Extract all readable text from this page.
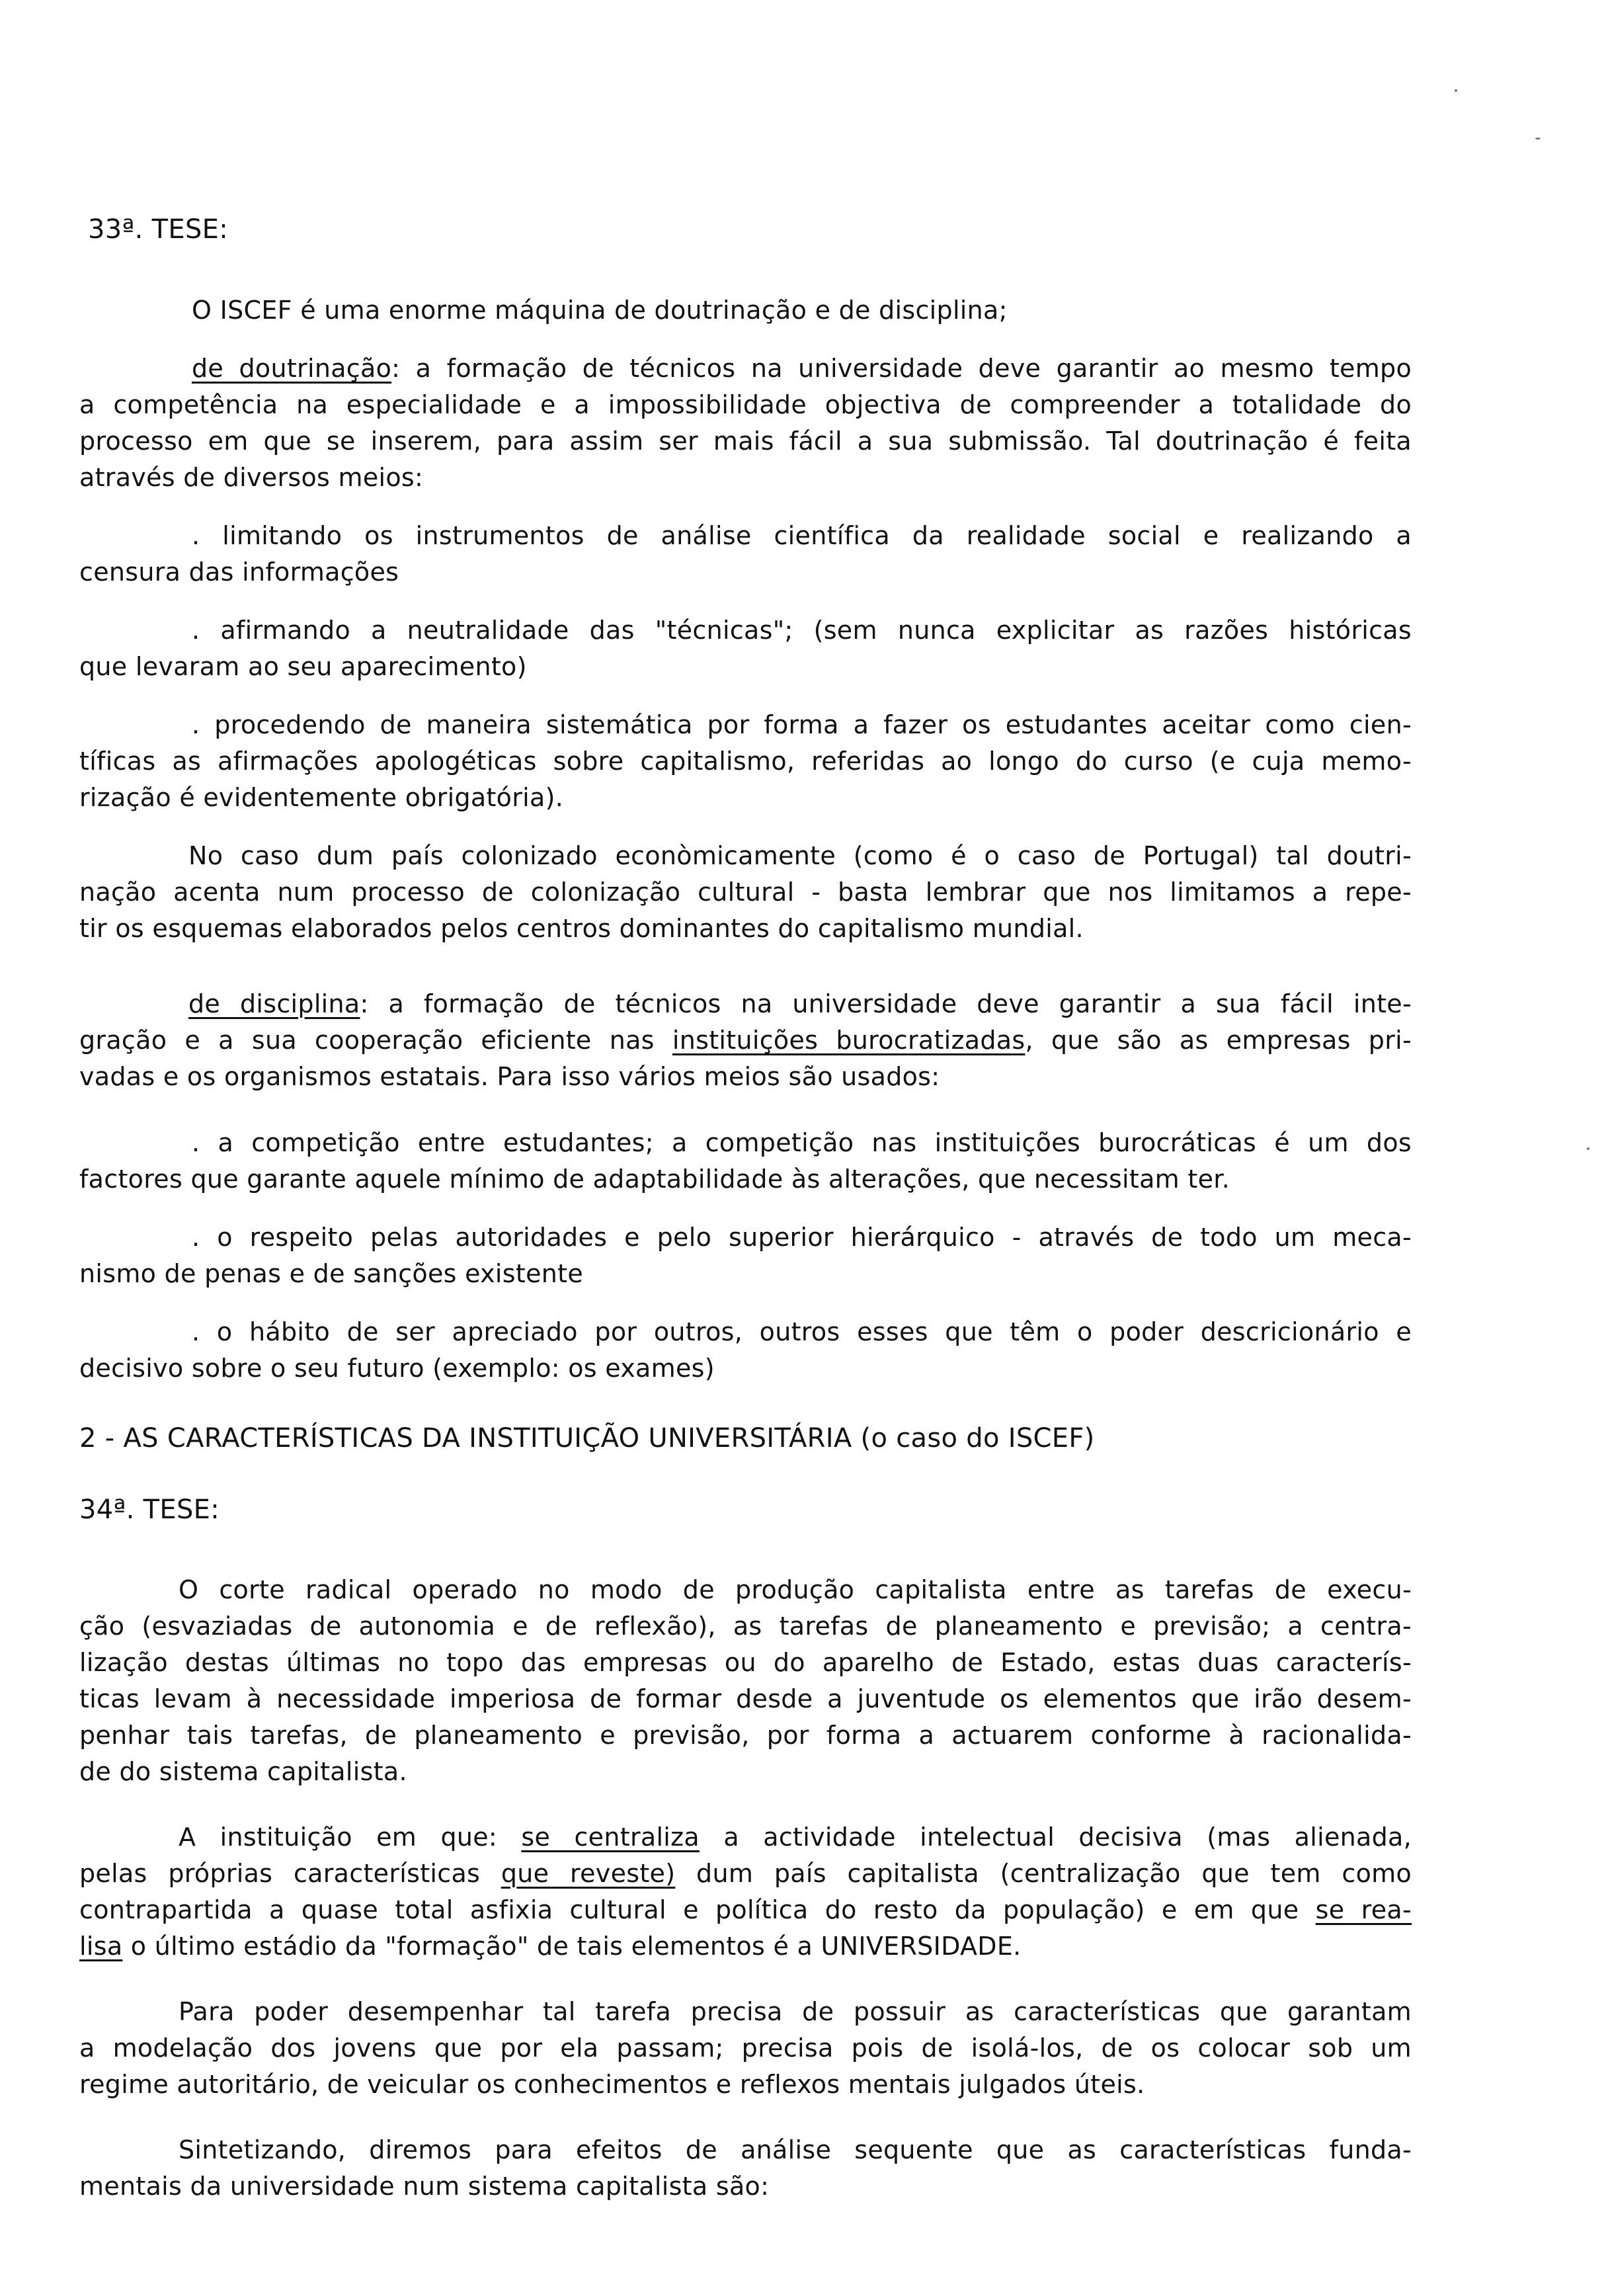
33ª. TESE:
O ISCEF é uma enorme máquina de doutrinação e de disciplina;
de doutrinação: a formação de técnicos na universidade deve garantir ao mesmo tempo
a competência na especialidade e a impossibilidade objectiva de compreender a totalidade do
processo em que se inserem, para assim ser mais fácil a sua submissão. Tal doutrinação é feita
através de diversos meios:
. limitando os instrumentos de análise científica da realidade social e realizando a
censura das informações
. afirmando a neutralidade das "técnicas"; (sem nunca explicitar as razões históricas
que levaram ao seu aparecimento)
. procedendo de maneira sistemática por forma a fazer os estudantes aceitar como cien-
tíficas as afirmações apologéticas sobre capitalismo, referidas ao longo do curso (e cuja memo-
rização é evidentemente obrigatória).
No caso dum país colonizado econòmicamente (como é o caso de Portugal) tal doutri-
nação acenta num processo de colonização cultural - basta lembrar que nos limitamos a repe-
tir os esquemas elaborados pelos centros dominantes do capitalismo mundial.
de disciplina: a formação de técnicos na universidade deve garantir a sua fácil inte-
gração e a sua cooperação eficiente nas instituições burocratizadas, que são as empresas pri-
vadas e os organismos estatais. Para isso vários meios são usados:
. a competição entre estudantes; a competição nas instituições burocráticas é um dos
factores que garante aquele mínimo de adaptabilidade às alterações, que necessitam ter.
. o respeito pelas autoridades e pelo superior hierárquico - através de todo um meca-
nismo de penas e de sanções existente
. o hábito de ser apreciado por outros, outros esses que têm o poder descricionário e
decisivo sobre o seu futuro (exemplo: os exames)
2 - AS CARACTERÍSTICAS DA INSTITUIÇÃO UNIVERSITÁRIA (o caso do ISCEF)
34ª. TESE:
O corte radical operado no modo de produção capitalista entre as tarefas de execu-
ção (esvaziadas de autonomia e de reflexão), as tarefas de planeamento e previsão; a centra-
lização destas últimas no topo das empresas ou do aparelho de Estado, estas duas caracterís-
ticas levam à necessidade imperiosa de formar desde a juventude os elementos que irão desem-
penhar tais tarefas, de planeamento e previsão, por forma a actuarem conforme à racionalida-
de do sistema capitalista.
A instituição em que: se centraliza a actividade intelectual decisiva (mas alienada,
pelas próprias características que reveste) dum país capitalista (centralização que tem como
contrapartida a quase total asfixia cultural e política do resto da população) e em que se rea-
lisa o último estádio da "formação" de tais elementos é a UNIVERSIDADE.
Para poder desempenhar tal tarefa precisa de possuir as características que garantam
a modelação dos jovens que por ela passam; precisa pois de isolá-los, de os colocar sob um
regime autoritário, de veicular os conhecimentos e reflexos mentais julgados úteis.
Sintetizando, diremos para efeitos de análise sequente que as características funda-
mentais da universidade num sistema capitalista são:
